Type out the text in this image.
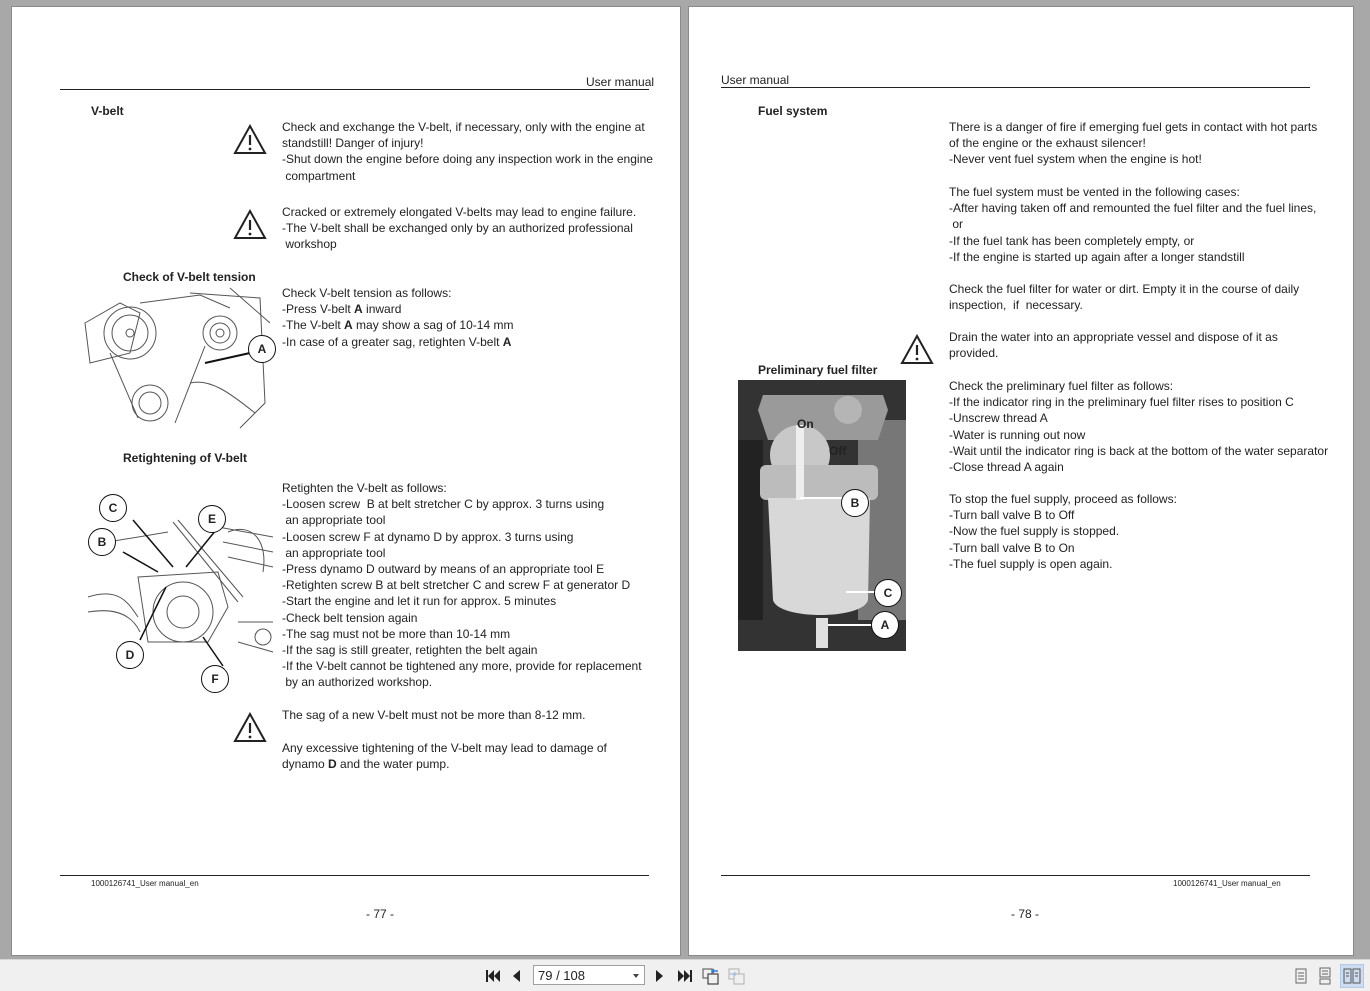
User manual
V-belt
Check and exchange the V-belt, if necessary, only with the engine at
standstill! Danger of injury!
-Shut down the engine before doing any inspection work in the engine
compartment
Cracked or extremely elongated V-belts may lead to engine failure.
-The V-belt shall be exchanged only by an authorized professional
workshop
Check of V-belt tension
A
Check V-belt tension as follows:
-Press V-belt A inward
-The V-belt A may show a sag of 10-14 mm
-In case of a greater sag, retighten V-belt A
Retightening of V-belt
C
B
E
D
F
Retighten the V-belt as follows:
-Loosen screw  B at belt stretcher C by approx. 3 turns using
an appropriate tool
-Loosen screw F at dynamo D by approx. 3 turns using
an appropriate tool
-Press dynamo D outward by means of an appropriate tool E
-Retighten screw B at belt stretcher C and screw F at generator D
-Start the engine and let it run for approx. 5 minutes
-Check belt tension again
-The sag must not be more than 10-14 mm
-If the sag is still greater, retighten the belt again
-If the V-belt cannot be tightened any more, provide for replacement
by an authorized workshop.
The sag of a new V-belt must not be more than 8-12 mm.
Any excessive tightening of the V-belt may lead to damage of
dynamo D and the water pump.
1000126741_User manual_en
- 77 -
User manual
Fuel system
There is a danger of fire if emerging fuel gets in contact with hot parts
of the engine or the exhaust silencer!
-Never vent fuel system when the engine is hot!
The fuel system must be vented in the following cases:
-After having taken off and remounted the fuel filter and the fuel lines,
or
-If the fuel tank has been completely empty, or
-If the engine is started up again after a longer standstill
Check the fuel filter for water or dirt. Empty it in the course of daily
inspection,  if  necessary.
Drain the water into an appropriate vessel and dispose of it as
provided.
Preliminary fuel filter
On
Off
B
C
A
Check the preliminary fuel filter as follows:
-If the indicator ring in the preliminary fuel filter rises to position C
-Unscrew thread A
-Water is running out now
-Wait until the indicator ring is back at the bottom of the water separator
-Close thread A again
To stop the fuel supply, proceed as follows:
-Turn ball valve B to Off
-Now the fuel supply is stopped.
-Turn ball valve B to On
-The fuel supply is open again.
1000126741_User manual_en
- 78 -
79 / 108
